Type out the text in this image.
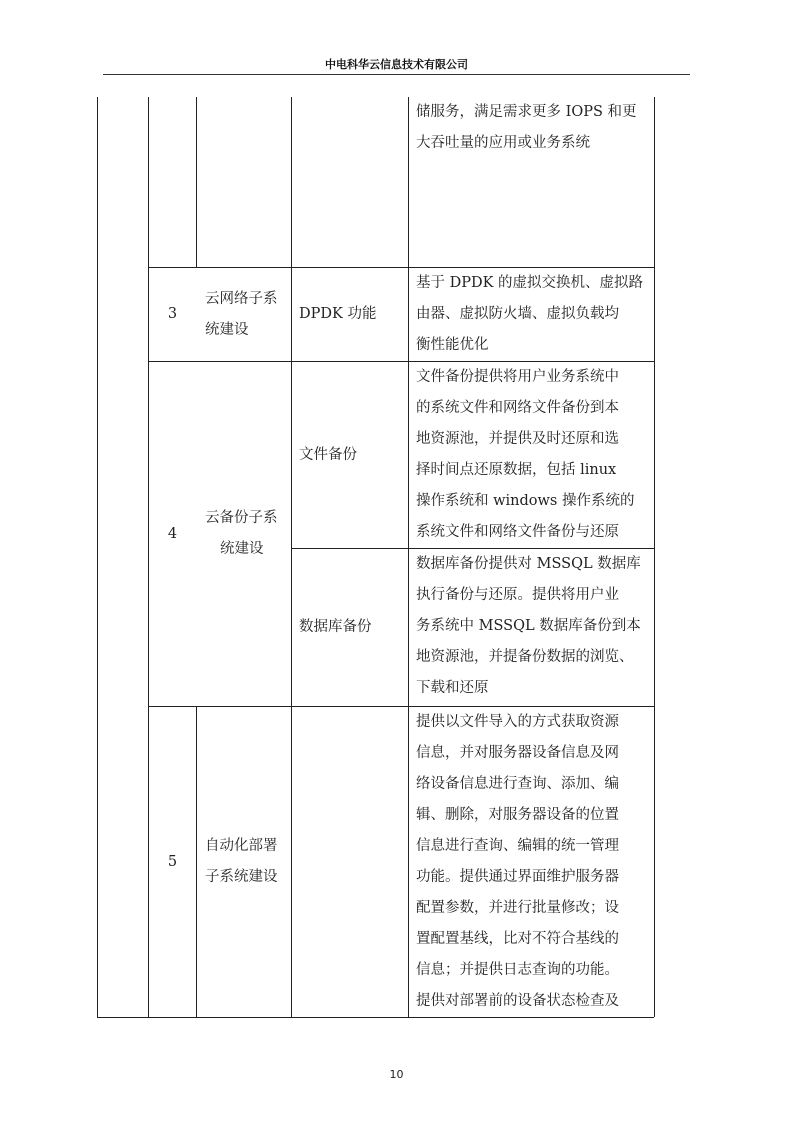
中电科华云信息技术有限公司
储服务，满足需求更多 IOPS 和更
大吞吐量的应用或业务系统
3
云网络子系
统建设
DPDK 功能
基于 DPDK 的虚拟交换机、虚拟路
由器、虚拟防火墙、虚拟负载均
衡性能优化
4
云备份子系
统建设
文件备份
文件备份提供将用户业务系统中
的系统文件和网络文件备份到本
地资源池，并提供及时还原和选
择时间点还原数据，包括 linux
操作系统和 windows 操作系统的
系统文件和网络文件备份与还原
数据库备份
数据库备份提供对 MSSQL 数据库
执行备份与还原。提供将用户业
务系统中 MSSQL 数据库备份到本
地资源池，并提备份数据的浏览、
下载和还原
5
自动化部署
子系统建设
提供以文件导入的方式获取资源
信息，并对服务器设备信息及网
络设备信息进行查询、添加、编
辑、删除，对服务器设备的位置
信息进行查询、编辑的统一管理
功能。提供通过界面维护服务器
配置参数，并进行批量修改；设
置配置基线，比对不符合基线的
信息；并提供日志查询的功能。
提供对部署前的设备状态检查及
10
